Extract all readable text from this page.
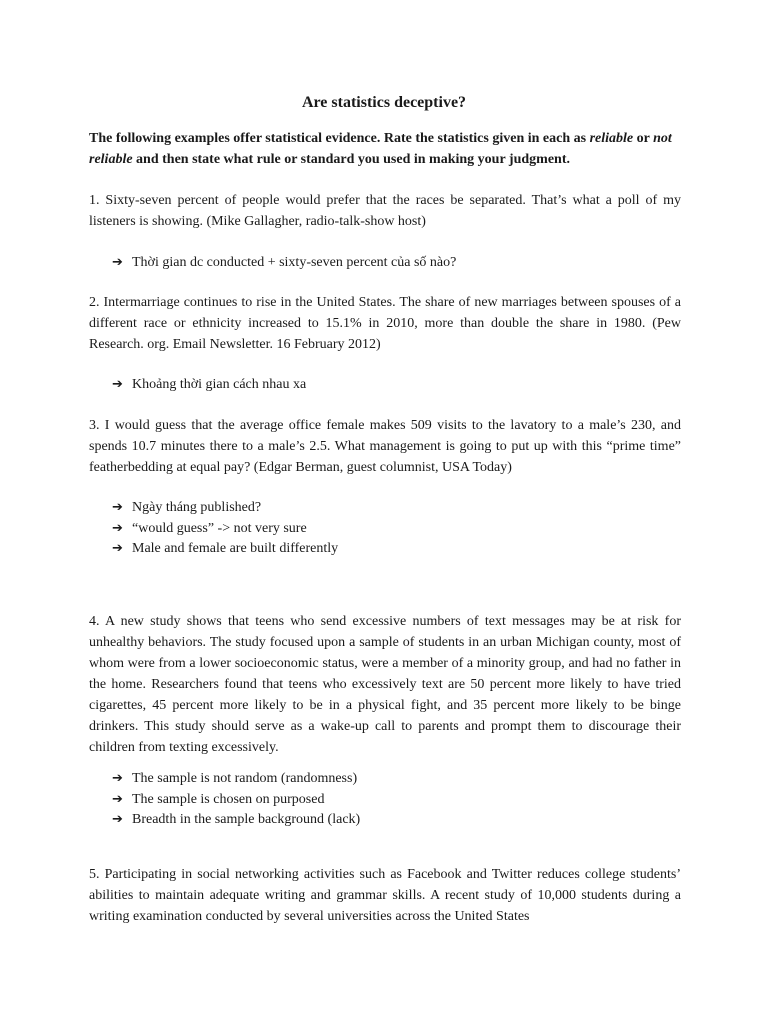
Are statistics deceptive?
The following examples offer statistical evidence. Rate the statistics given in each as reliable or not reliable and then state what rule or standard you used in making your judgment.
1. Sixty-seven percent of people would prefer that the races be separated. That’s what a poll of my listeners is showing. (Mike Gallagher, radio-talk-show host)
➔ Thời gian dc conducted + sixty-seven percent của số nào?
2. Intermarriage continues to rise in the United States. The share of new marriages between spouses of a different race or ethnicity increased to 15.1% in 2010, more than double the share in 1980. (Pew Research. org. Email Newsletter. 16 February 2012)
➔ Khoảng thời gian cách nhau xa
3. I would guess that the average office female makes 509 visits to the lavatory to a male’s 230, and spends 10.7 minutes there to a male’s 2.5. What management is going to put up with this “prime time” featherbedding at equal pay? (Edgar Berman, guest columnist, USA Today)
➔ Ngày tháng published?
➔ “would guess” -> not very sure
➔ Male and female are built differently
4. A new study shows that teens who send excessive numbers of text messages may be at risk for unhealthy behaviors. The study focused upon a sample of students in an urban Michigan county, most of whom were from a lower socioeconomic status, were a member of a minority group, and had no father in the home. Researchers found that teens who excessively text are 50 percent more likely to have tried cigarettes, 45 percent more likely to be in a physical fight, and 35 percent more likely to be binge drinkers. This study should serve as a wake-up call to parents and prompt them to discourage their children from texting excessively.
➔ The sample is not random (randomness)
➔ The sample is chosen on purposed
➔ Breadth in the sample background (lack)
5. Participating in social networking activities such as Facebook and Twitter reduces college students’ abilities to maintain adequate writing and grammar skills. A recent study of 10,000 students during a writing examination conducted by several universities across the United States
